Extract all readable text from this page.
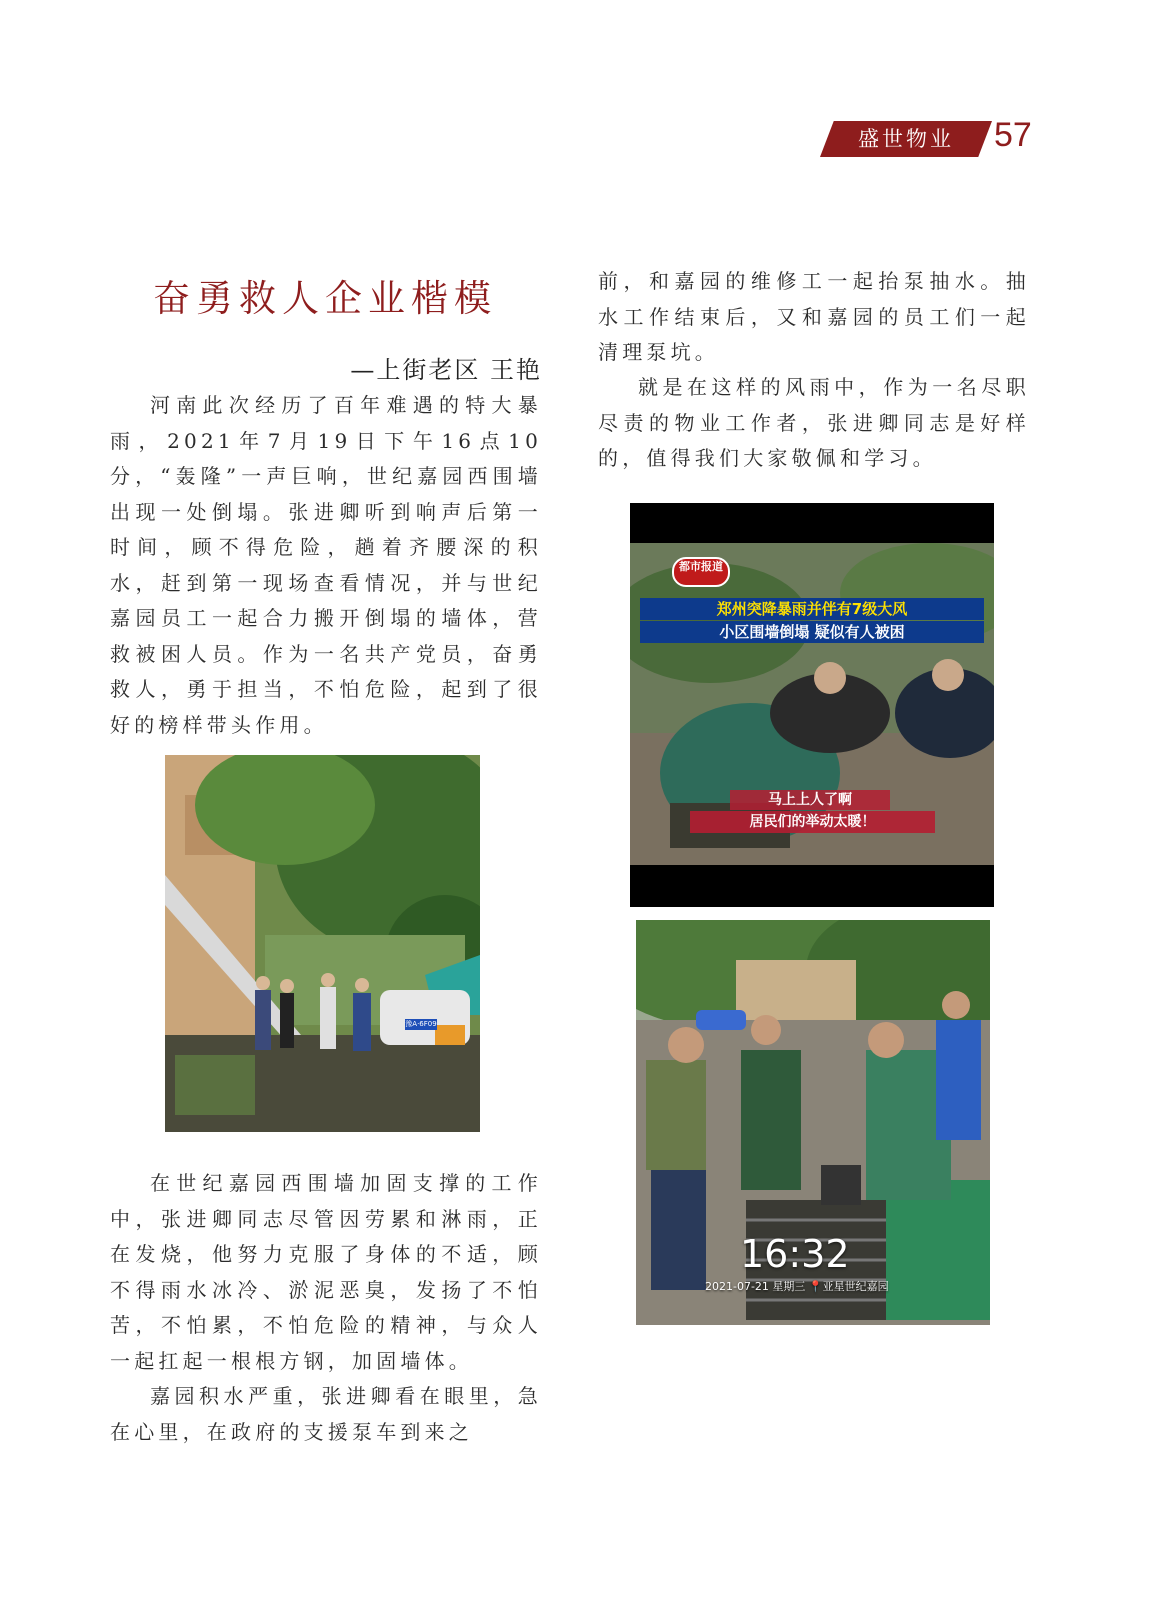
盛世物业	57
奋勇救人企业楷模
—上街老区 王艳

河南此次经历了百年难遇的特大暴雨，2021年7月19日下午16点10分，“轰隆”一声巨响，世纪嘉园西围墙出现一处倒塌。张进卿听到响声后第一时间，顾不得危险，趟着齐腰深的积水，赶到第一现场查看情况，并与世纪嘉园员工一起合力搬开倒塌的墙体，营救被困人员。作为一名共产党员，奋勇救人，勇于担当，不怕危险，起到了很好的榜样带头作用。

在世纪嘉园西围墙加固支撑的工作中，张进卿同志尽管因劳累和淋雨，正在发烧，他努力克服了身体的不适，顾不得雨水冰冷、淤泥恶臭，发扬了不怕苦，不怕累，不怕危险的精神，与众人一起扛起一根根方钢，加固墙体。

嘉园积水严重，张进卿看在眼里，急在心里，在政府的支援泵车到来之

前，和嘉园的维修工一起抬泵抽水。抽水工作结束后，又和嘉园的员工们一起清理泵坑。

就是在这样的风雨中，作为一名尽职尽责的物业工作者，张进卿同志是好样的，值得我们大家敬佩和学习。

豫A·6F09
都市报道
郑州突降暴雨并伴有7级大风
小区围墙倒塌 疑似有人被困
马上上人了啊
居民们的举动太暖！
16:32
2021-07-21 星期三 📍亚星世纪嘉园
